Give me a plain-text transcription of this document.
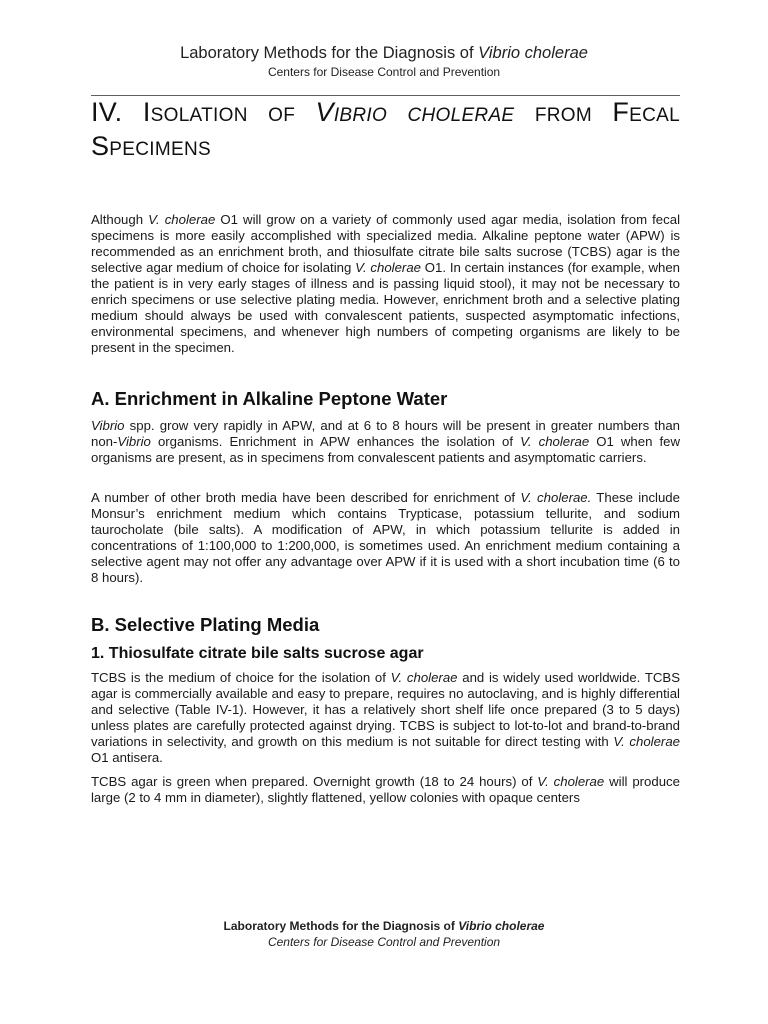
Laboratory Methods for the Diagnosis of Vibrio cholerae
Centers for Disease Control and Prevention
IV. Isolation of Vibrio cholerae from Fecal
Specimens
Although V. cholerae O1 will grow on a variety of commonly used agar media, isolation from fecal specimens is more easily accomplished with specialized media. Alkaline peptone water (APW) is recommended as an enrichment broth, and thiosulfate citrate bile salts sucrose (TCBS) agar is the selective agar medium of choice for isolating V. cholerae O1. In certain instances (for example, when the patient is in very early stages of illness and is passing liquid stool), it may not be necessary to enrich specimens or use selective plating media. However, enrichment broth and a selective plating medium should always be used with convalescent patients, suspected asymptomatic infections, environmental specimens, and whenever high numbers of competing organisms are likely to be present in the specimen.
A. Enrichment in Alkaline Peptone Water
Vibrio spp. grow very rapidly in APW, and at 6 to 8 hours will be present in greater numbers than non-Vibrio organisms. Enrichment in APW enhances the isolation of V. cholerae O1 when few organisms are present, as in specimens from convalescent patients and asymptomatic carriers.
A number of other broth media have been described for enrichment of V. cholerae. These include Monsur’s enrichment medium which contains Trypticase, potassium tellurite, and sodium taurocholate (bile salts). A modification of APW, in which potassium tellurite is added in concentrations of 1:100,000 to 1:200,000, is sometimes used. An enrichment medium containing a selective agent may not offer any advantage over APW if it is used with a short incubation time (6 to 8 hours).
B. Selective Plating Media
1. Thiosulfate citrate bile salts sucrose agar
TCBS is the medium of choice for the isolation of V. cholerae and is widely used worldwide. TCBS agar is commercially available and easy to prepare, requires no autoclaving, and is highly differential and selective (Table IV-1). However, it has a relatively short shelf life once prepared (3 to 5 days) unless plates are carefully protected against drying. TCBS is subject to lot-to-lot and brand-to-brand variations in selectivity, and growth on this medium is not suitable for direct testing with V. cholerae O1 antisera.
TCBS agar is green when prepared. Overnight growth (18 to 24 hours) of V. cholerae will produce large (2 to 4 mm in diameter), slightly flattened, yellow colonies with opaque centers
Laboratory Methods for the Diagnosis of Vibrio cholerae
Centers for Disease Control and Prevention
